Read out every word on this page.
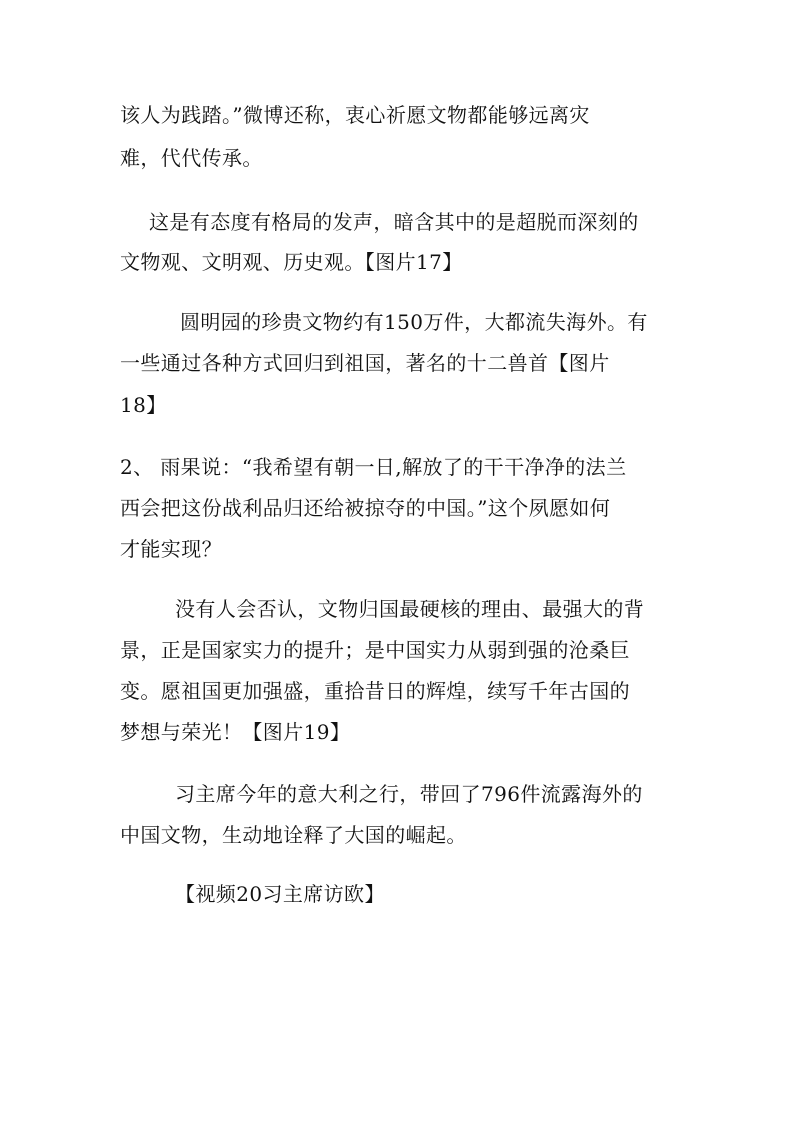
该人为践踏。”微博还称，衷心祈愿文物都能够远离灾
难，代代传承。
这是有态度有格局的发声，暗含其中的是超脱而深刻的
文物观、文明观、历史观。【图片17】
圆明园的珍贵文物约有150万件，大都流失海外。有
一些通过各种方式回归到祖国，著名的十二兽首【图片
18】
2、 雨果说：“我希望有朝一日,解放了的干干净净的法兰
西会把这份战利品归还给被掠夺的中国。”这个夙愿如何
才能实现？
没有人会否认，文物归国最硬核的理由、最强大的背
景，正是国家实力的提升；是中国实力从弱到强的沧桑巨
变。愿祖国更加强盛，重拾昔日的辉煌，续写千年古国的
梦想与荣光！【图片19】
习主席今年的意大利之行，带回了796件流露海外的
中国文物，生动地诠释了大国的崛起。
【视频20习主席访欧】
